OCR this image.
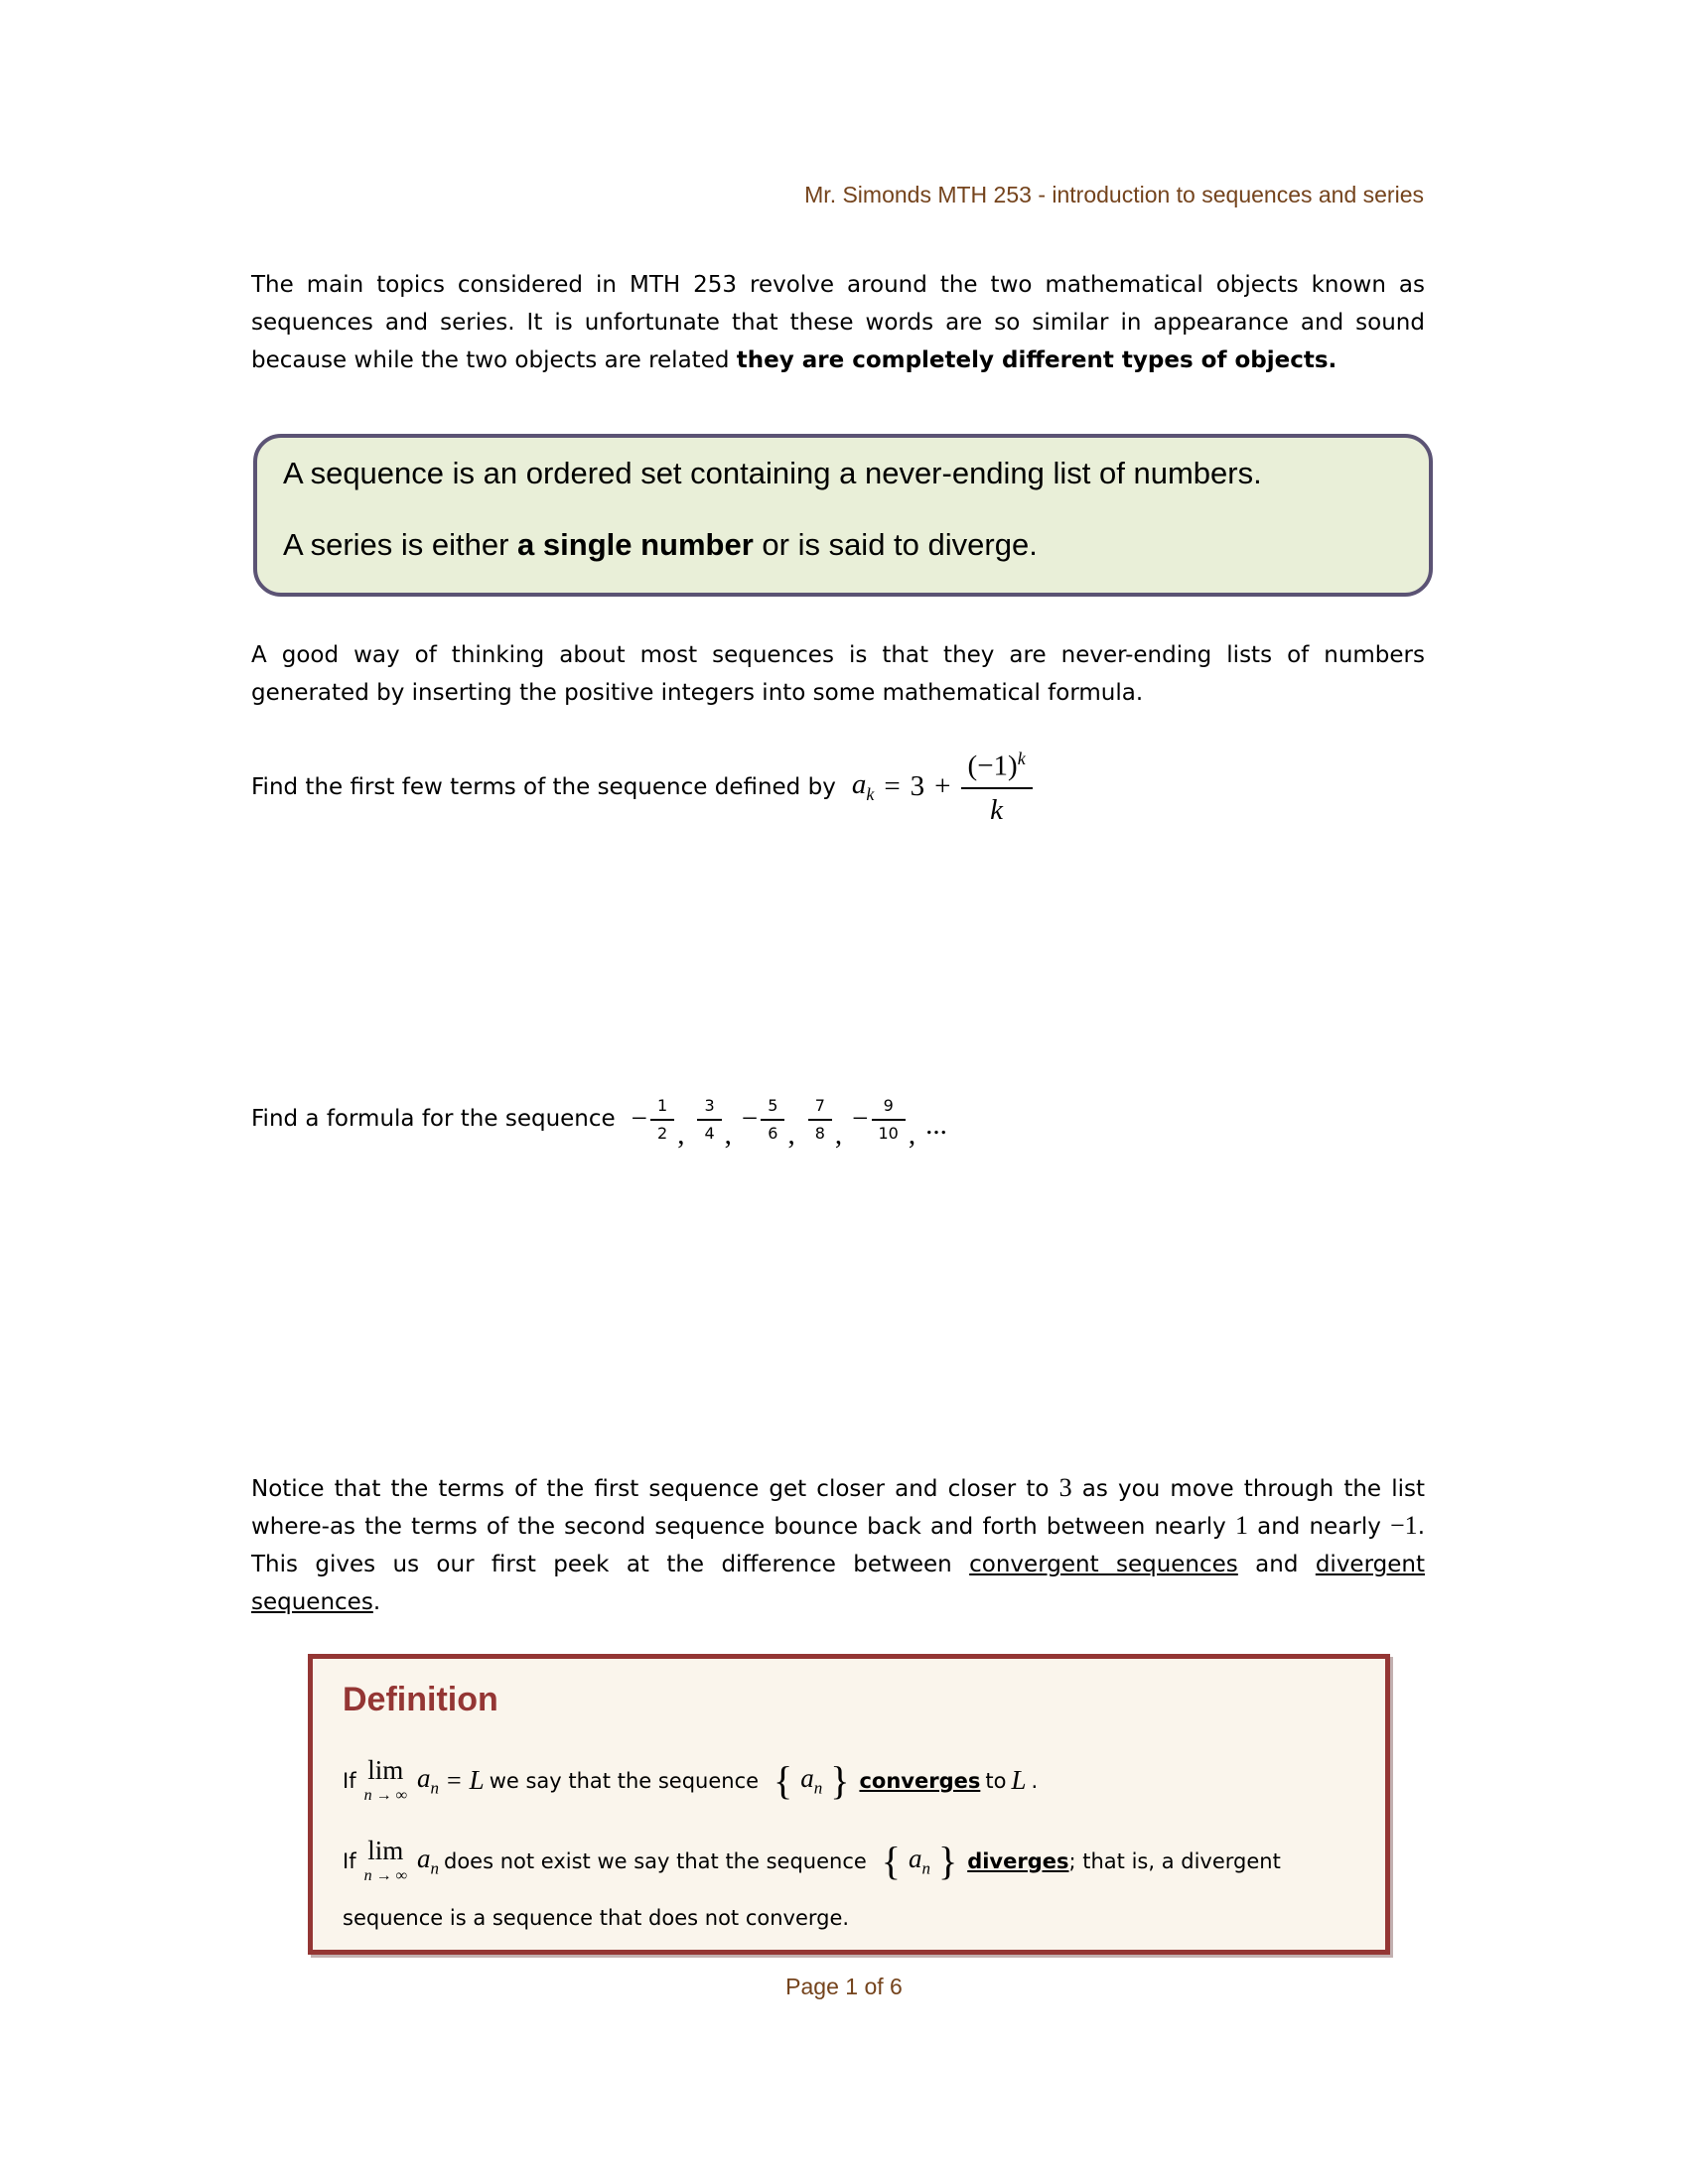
Mr. Simonds MTH 253 - introduction to sequences and series

The main topics considered in MTH 253 revolve around the two mathematical objects known as sequences and series. It is unfortunate that these words are so similar in appearance and sound because while the two objects are related they are completely different types of objects.

A sequence is an ordered set containing a never-ending list of numbers.

A series is either a single number or is said to diverge.

A good way of thinking about most sequences is that they are never-ending lists of numbers generated by inserting the positive integers into some mathematical formula.

Find the first few terms of the sequence defined by $a_k = 3 + \frac{(-1)^k}{k}$
Find a formula for the sequence − $\frac{1}{2}$ , $\frac{3}{4}$ , − $\frac{5}{6}$ , $\frac{7}{8}$ , − $\frac{9}{10}$ , ...

Notice that the terms of the first sequence get closer and closer to 3 as you move through the list where-as the terms of the second sequence bounce back and forth between nearly 1 and nearly −1. This gives us our first peek at the difference between convergent sequences and divergent sequences.

Definition

If lim
n → ∞
$a_n = L$ we say that the sequence { $a_n$ } converges to L .

If lim
n → ∞
$a_n$ does not exist we say that the sequence { $a_n$ } diverges ; that is, a divergent

sequence is a sequence that does not converge.

Page 1 of 6
